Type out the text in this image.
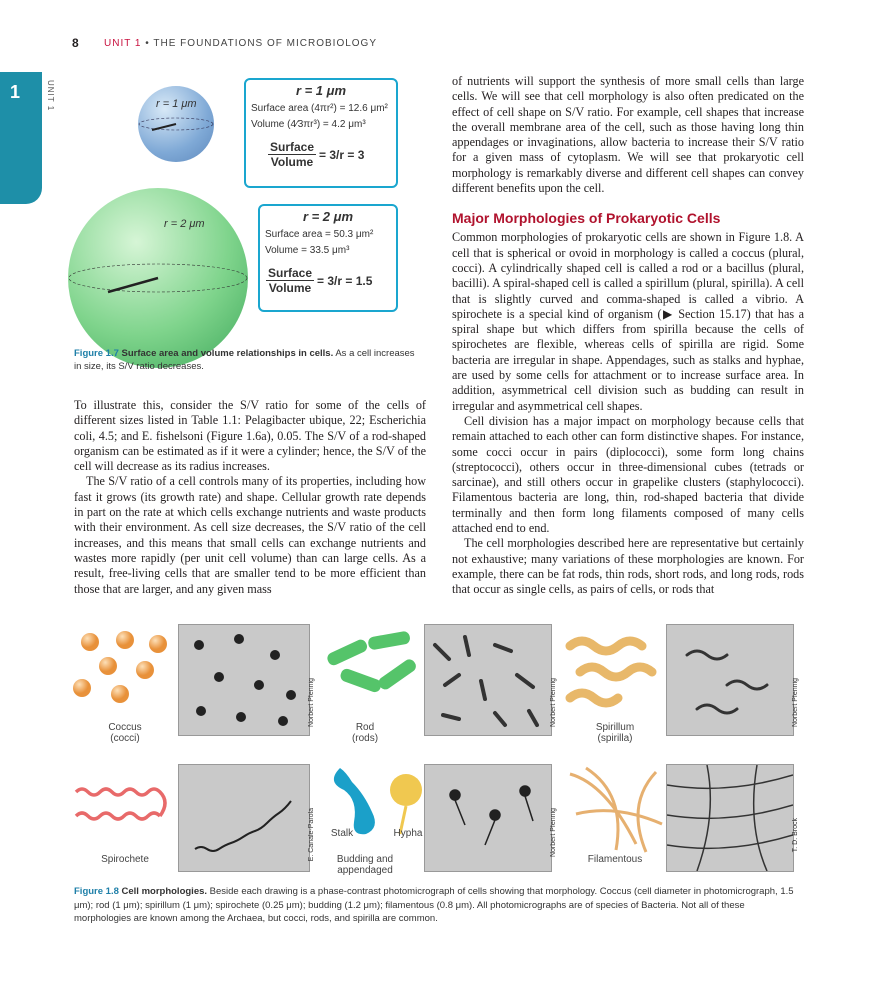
8	UNIT 1 • THE FOUNDATIONS OF MICROBIOLOGY
1	UNIT 1	r = 1 μm
r = 2 μm
r = 1 μm
Surface area (4πr²) = 12.6 μm²
Volume (4⁄3πr³) = 4.2 μm³
$\frac{\text{Surface}}{\text{Volume}} = 3/r = 3$
r = 2 μm
Surface area = 50.3 μm²
Volume = 33.5 μm³
$\frac{\text{Surface}}{\text{Volume}} = 3/r = 1.5$
Figure 1.7 Surface area and volume relationships in cells. As a cell increases in size, its S/V ratio decreases.

To illustrate this, consider the S/V ratio for some of the cells of different sizes listed in Table 1.1: Pelagibacter ubique, 22; Escherichia coli, 4.5; and E. fishelsoni (Figure 1.6a), 0.05. The S/V of a rod-shaped organism can be estimated as if it were a cylinder; hence, the S/V of the cell will decrease as its radius increases.

The S/V ratio of a cell controls many of its properties, including how fast it grows (its growth rate) and shape. Cellular growth rate depends in part on the rate at which cells exchange nutrients and waste products with their environment. As cell size decreases, the S/V ratio of the cell increases, and this means that small cells can exchange nutrients and wastes more rapidly (per unit cell volume) than can large cells. As a result, free-living cells that are smaller tend to be more efficient than those that are larger, and any given mass

of nutrients will support the synthesis of more small cells than large cells. We will see that cell morphology is also often predicated on the effect of cell shape on S/V ratio. For example, cell shapes that increase the overall membrane area of the cell, such as those having long thin appendages or invaginations, allow bacteria to increase their S/V ratio for a given mass of cytoplasm. We will see that prokaryotic cell morphology is remarkably diverse and different cell shapes can convey different benefits upon the cell.

Major Morphologies of Prokaryotic Cells

Common morphologies of prokaryotic cells are shown in Figure 1.8. A cell that is spherical or ovoid in morphology is called a coccus (plural, cocci). A cylindrically shaped cell is called a rod or a bacillus (plural, bacilli). A spiral-shaped cell is called a spirillum (plural, spirilla). A cell that is slightly curved and comma-shaped is called a vibrio. A spirochete is a special kind of organism (▶ Section 15.17) that has a spiral shape but which differs from spirilla because the cells of spirochetes are flexible, whereas cells of spirilla are rigid. Some bacteria are irregular in shape. Appendages, such as stalks and hyphae, are used by some cells for attachment or to increase surface area. In addition, asymmetrical cell division such as budding can result in irregular and asymmetrical cell shapes.

Cell division has a major impact on morphology because cells that remain attached to each other can form distinctive shapes. For instance, some cocci occur in pairs (diplococci), some form long chains (streptococci), others occur in three-dimensional cubes (tetrads or sarcinae), and still others occur in grapelike clusters (staphylococci). Filamentous bacteria are long, thin, rod-shaped bacteria that divide terminally and then form long filaments composed of many cells attached end to end.

The cell morphologies described here are representative but certainly not exhaustive; many variations of these morphologies are known. For example, there can be fat rods, thin rods, short rods, and long rods, rods that occur as single cells, as pairs of cells, or rods that

Coccus
(cocci)
Norbert Pfennig
Rod
(rods)
Norbert Pfennig
Spirillum
(spirilla)
Norbert Pfennig
Spirochete	E. Canale-Parola	Stalk	Hypha
Budding and
appendaged
Norbert Pfennig
Filamentous
T. D. Brock
Figure 1.8 Cell morphologies. Beside each drawing is a phase-contrast photomicrograph of cells showing that morphology. Coccus (cell diameter in photomicrograph, 1.5 μm); rod (1 μm); spirillum (1 μm); spirochete (0.25 μm); budding (1.2 μm); filamentous (0.8 μm). All photomicrographs are of species of Bacteria. Not all of these morphologies are known among the Archaea, but cocci, rods, and spirilla are common.
